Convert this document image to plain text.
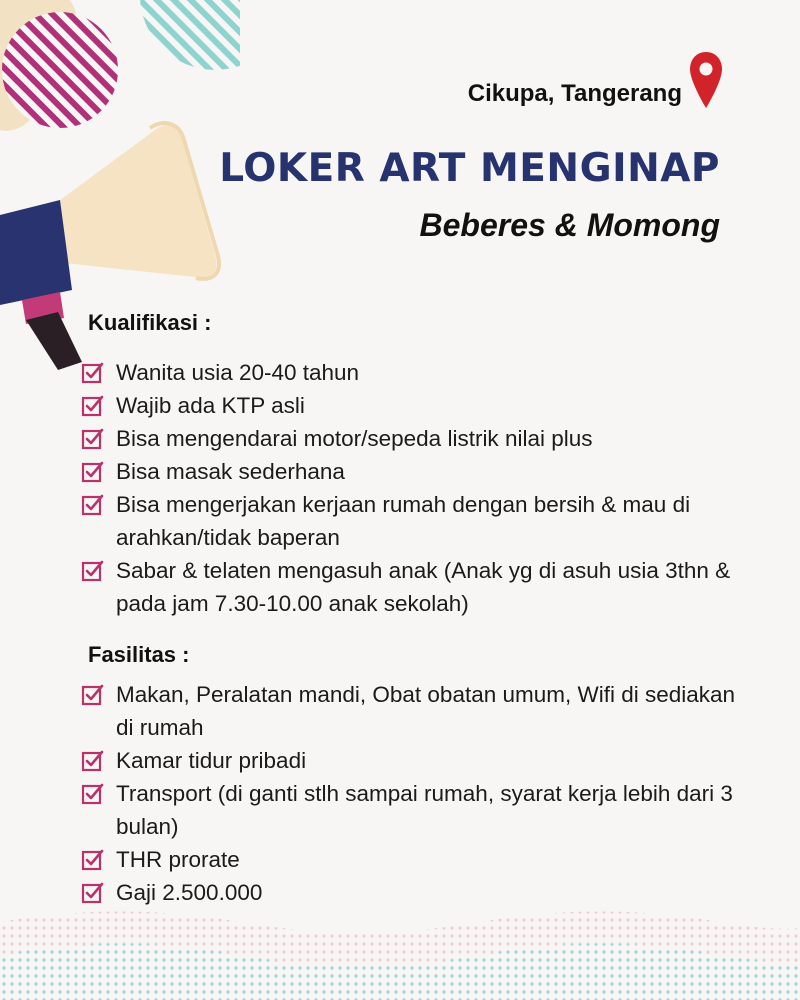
Cikupa, Tangerang
LOKER ART MENGINAP
Beberes & Momong
Kualifikasi :
Wanita usia 20-40 tahun
Wajib ada KTP asli
Bisa mengendarai motor/sepeda listrik nilai plus
Bisa masak sederhana
Bisa mengerjakan kerjaan rumah dengan bersih & mau di arahkan/tidak baperan
Sabar & telaten mengasuh anak (Anak yg di asuh usia 3thn & pada jam 7.30-10.00 anak sekolah)
Fasilitas :
Makan, Peralatan mandi, Obat obatan umum, Wifi di sediakan di rumah
Kamar tidur pribadi
Transport (di ganti stlh sampai rumah, syarat kerja lebih dari 3 bulan)
THR prorate
Gaji 2.500.000
